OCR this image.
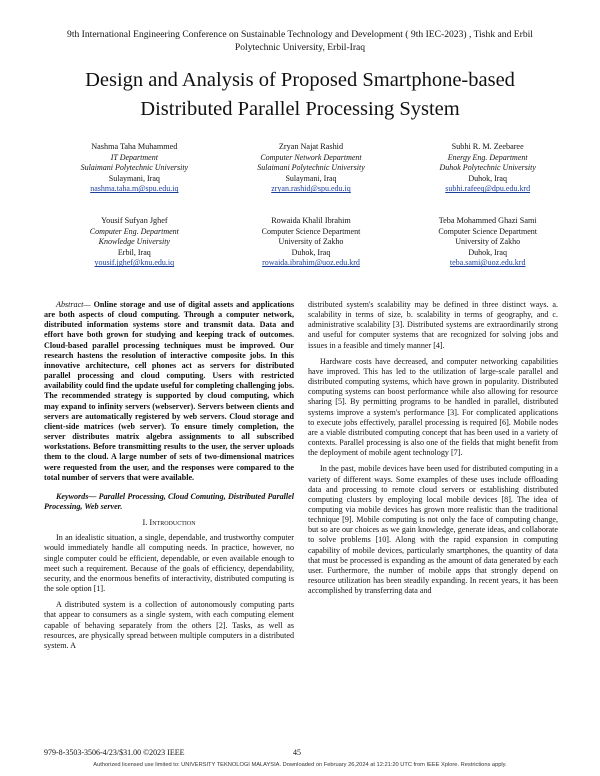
9th International Engineering Conference on Sustainable Technology and Development ( 9th IEC-2023) , Tishk and Erbil Polytechnic University, Erbil-Iraq
Design and Analysis of Proposed Smartphone-based Distributed Parallel Processing System
Nashma Taha Muhammed
IT Department
Sulaimani Polytechnic University
Sulaymani, Iraq
nashma.taha.m@spu.edu.iq
Zryan Najat Rashid
Computer Network Department
Sulaimani Polytechnic University
Sulaymani, Iraq
zryan.rashid@spu.edu.iq
Subhi R. M. Zeebaree
Energy Eng. Department
Duhok Polytechnic University
Duhok, Iraq
subhi.rafeeq@dpu.edu.krd
Yousif Sufyan Jghef
Computer Eng. Department
Knowledge University
Erbil, Iraq
yousif.jghef@knu.edu.iq
Rowaida Khalil Ibrahim
Computer Science Department
University of Zakho
Duhok, Iraq
rowaida.ibrahim@uoz.edu.krd
Teba Mohammed Ghazi Sami
Computer Science Department
University of Zakho
Duhok, Iraq
teba.sami@uoz.edu.krd

Abstract— Online storage and use of digital assets and applications are both aspects of cloud computing. Through a computer network, distributed information systems store and transmit data. Data and effort have both grown for studying and keeping track of outcomes. Cloud-based parallel processing techniques must be improved. Our research hastens the resolution of interactive composite jobs. In this innovative architecture, cell phones act as servers for distributed parallel processing and cloud computing. Users with restricted availability could find the update useful for completing challenging jobs. The recommended strategy is supported by cloud computing, which may expand to infinity servers (webserver). Servers between clients and servers are automatically registered by web servers. Cloud storage and client-side matrices (web server). To ensure timely completion, the server distributes matrix algebra assignments to all subscribed workstations. Before transmitting results to the user, the server uploads them to the cloud. A large number of sets of two-dimensional matrices were requested from the user, and the responses were compared to the total number of servers that were available.

Keywords— Parallel Processing, Cloud Comuting, Distributed Parallel Processing, Web server.

I. Introduction

In an idealistic situation, a single, dependable, and trustworthy computer would immediately handle all computing needs. In practice, however, no single computer could be efficient, dependable, or even available enough to meet such a requirement. Because of the goals of efficiency, dependability, security, and the enormous benefits of interactivity, distributed computing is the sole option [1].

A distributed system is a collection of autonomously computing parts that appear to consumers as a single system, with each computing element capable of behaving separately from the others [2]. Tasks, as well as resources, are physically spread between multiple computers in a distributed system. A

distributed system's scalability may be defined in three distinct ways. a. scalability in terms of size, b. scalability in terms of geography, and c. administrative scalability [3]. Distributed systems are extraordinarily strong and useful for computer systems that are recognized for solving jobs and issues in a feasible and timely manner [4].

Hardware costs have decreased, and computer networking capabilities have improved. This has led to the utilization of large-scale parallel and distributed computing systems, which have grown in popularity. Distributed computing systems can boost performance while also allowing for resource sharing [5]. By permitting programs to be handled in parallel, distributed systems improve a system's performance [3]. For complicated applications to execute jobs effectively, parallel processing is required [6]. Mobile nodes are a viable distributed computing concept that has been used in a variety of contexts. Parallel processing is also one of the fields that might benefit from the deployment of mobile agent technology [7].

In the past, mobile devices have been used for distributed computing in a variety of different ways. Some examples of these uses include offloading data and processing to remote cloud servers or establishing distributed computing clusters by employing local mobile devices [8]. The idea of computing via mobile devices has grown more realistic than the traditional technique [9]. Mobile computing is not only the face of computing change, but so are our choices as we gain knowledge, generate ideas, and collaborate to solve problems [10]. Along with the rapid expansion in computing capability of mobile devices, particularly smartphones, the quantity of data that must be processed is expanding as the amount of data generated by each user. Furthermore, the number of mobile apps that strongly depend on resource utilization has been steadily expanding. In recent years, it has been accomplished by transferring data and

979-8-3503-3506-4/23/$31.00 ©2023 IEEE	45
Authorized licensed use limited to: UNIVERSITY TEKNOLOGI MALAYSIA. Downloaded on February 26,2024 at 12:21:20 UTC from IEEE Xplore. Restrictions apply.
